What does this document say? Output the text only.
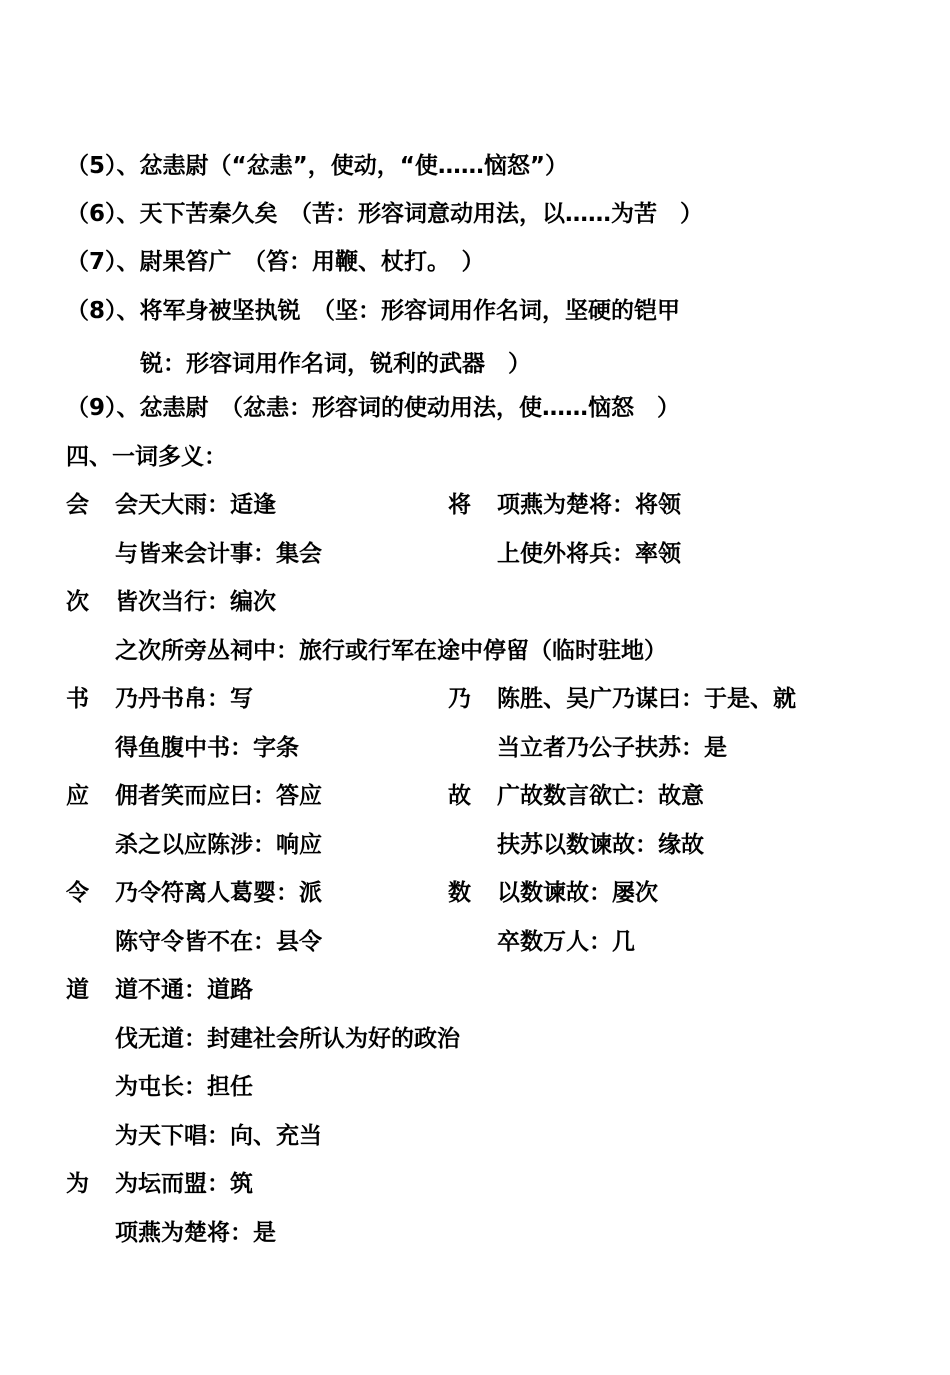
（5）、忿恚尉（“忿恚”，使动，“使……恼怒”）
（6）、天下苦秦久矣　（苦：形容词意动用法，以……为苦　）
（7）、尉果笞广　（笞：用鞭、杖打。　）
（8）、将军身被坚执锐　（坚：形容词用作名词，坚硬的铠甲
锐：形容词用作名词，锐利的武器　）
（9）、忿恚尉　（忿恚：形容词的使动用法，使……恼怒　）
四、一词多义：
会 会天大雨：适逢
与皆来会计事：集会
将 项燕为楚将：将领
上使外将兵：率领
次 皆次当行：编次
之次所旁丛祠中：旅行或行军在途中停留（临时驻地）
书 乃丹书帛：写
得鱼腹中书：字条
乃 陈胜、吴广乃谋曰：于是、就
当立者乃公子扶苏：是
应 佣者笑而应曰：答应
杀之以应陈涉：响应
故 广故数言欲亡：故意
扶苏以数谏故：缘故
令 乃令符离人葛婴：派
陈守令皆不在：县令
数 以数谏故：屡次
卒数万人：几
道 道不通：道路
伐无道：封建社会所认为好的政治
为屯长：担任
为天下唱：向、充当
为 为坛而盟：筑
项燕为楚将：是
